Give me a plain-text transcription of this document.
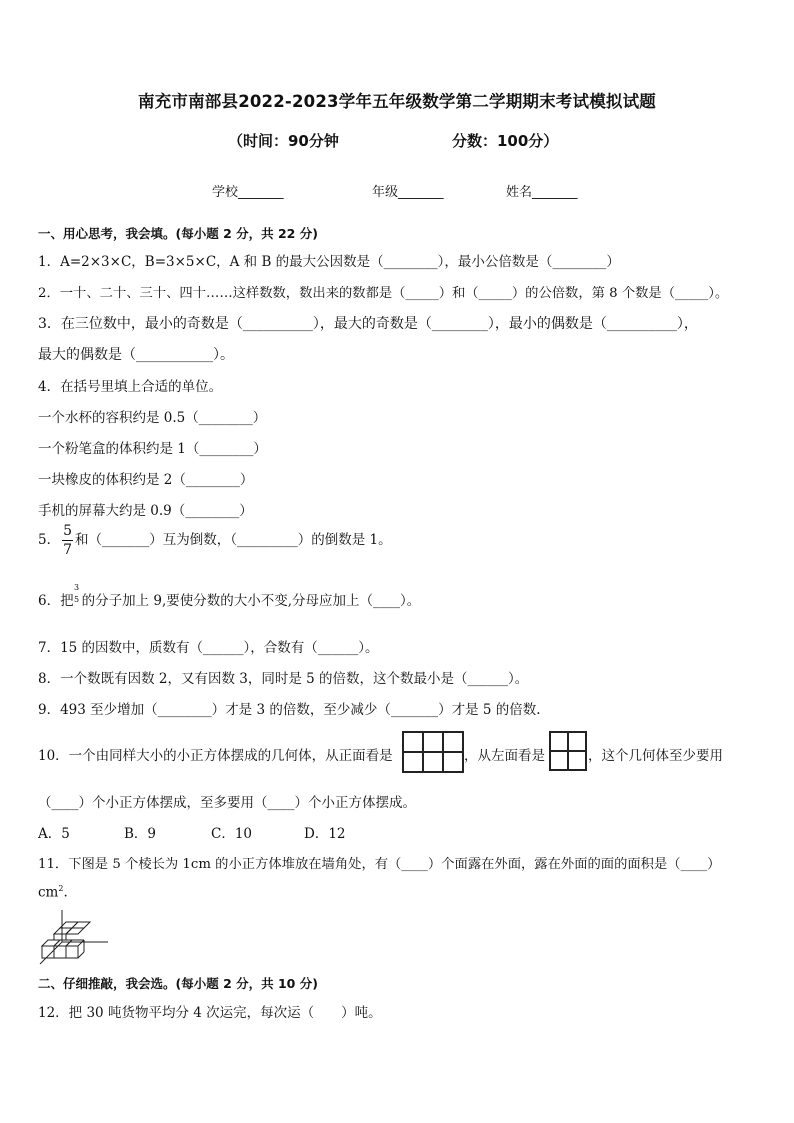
南充市南部县2022-2023学年五年级数学第二学期期末考试模拟试题
（时间：90分钟	分数：100分）
学校_______	年级_______	姓名_______
一、用心思考，我会填。(每小题 2 分，共 22 分)
1．A=2×3×C，B=3×5×C，A 和 B 的最大公因数是（________），最小公倍数是（________）
2．一十、二十、三十、四十……这样数数，数出来的数都是（_____）和（_____）的公倍数，第 8 个数是（_____）。
3．在三位数中，最小的奇数是（__________），最大的奇数是（________），最小的偶数是（__________），
最大的偶数是（___________）。
4．在括号里填上合适的单位。
一个水杯的容积约是 0.5（________）
一个粉笔盒的体积约是 1（________）
一块橡皮的体积约是 2（________）
手机的屏幕大约是 0.9（________）
5． $\frac{5}{7}$ 和（_______）互为倒数，（_________）的倒数是 1。
6．把 的分子加上 9,要使分数的大小不变,分母应加上（____）。
3
5
7．15 的因数中，质数有（______），合数有（______）。
8．一个数既有因数 2，又有因数 3，同时是 5 的倍数，这个数最小是（______）。
9．493 至少增加（________）才是 3 的倍数，至少减少（_______）才是 5 的倍数.
10．一个由同样大小的小正方体摆成的几何体，从正面看是	，从左面看是	，这个几何体至少要用
（____）个小正方体摆成，至多要用（____）个小正方体摆成。
A．5	B．9	C．10	D．12
11．下图是 5 个棱长为 1cm 的小正方体堆放在墙角处，有（____）个面露在外面，露在外面的面的面积是（____）
$cm^2$.
二、仔细推敲，我会选。(每小题 2 分，共 10 分)
12．把 30 吨货物平均分 4 次运完，每次运（　　）吨。
